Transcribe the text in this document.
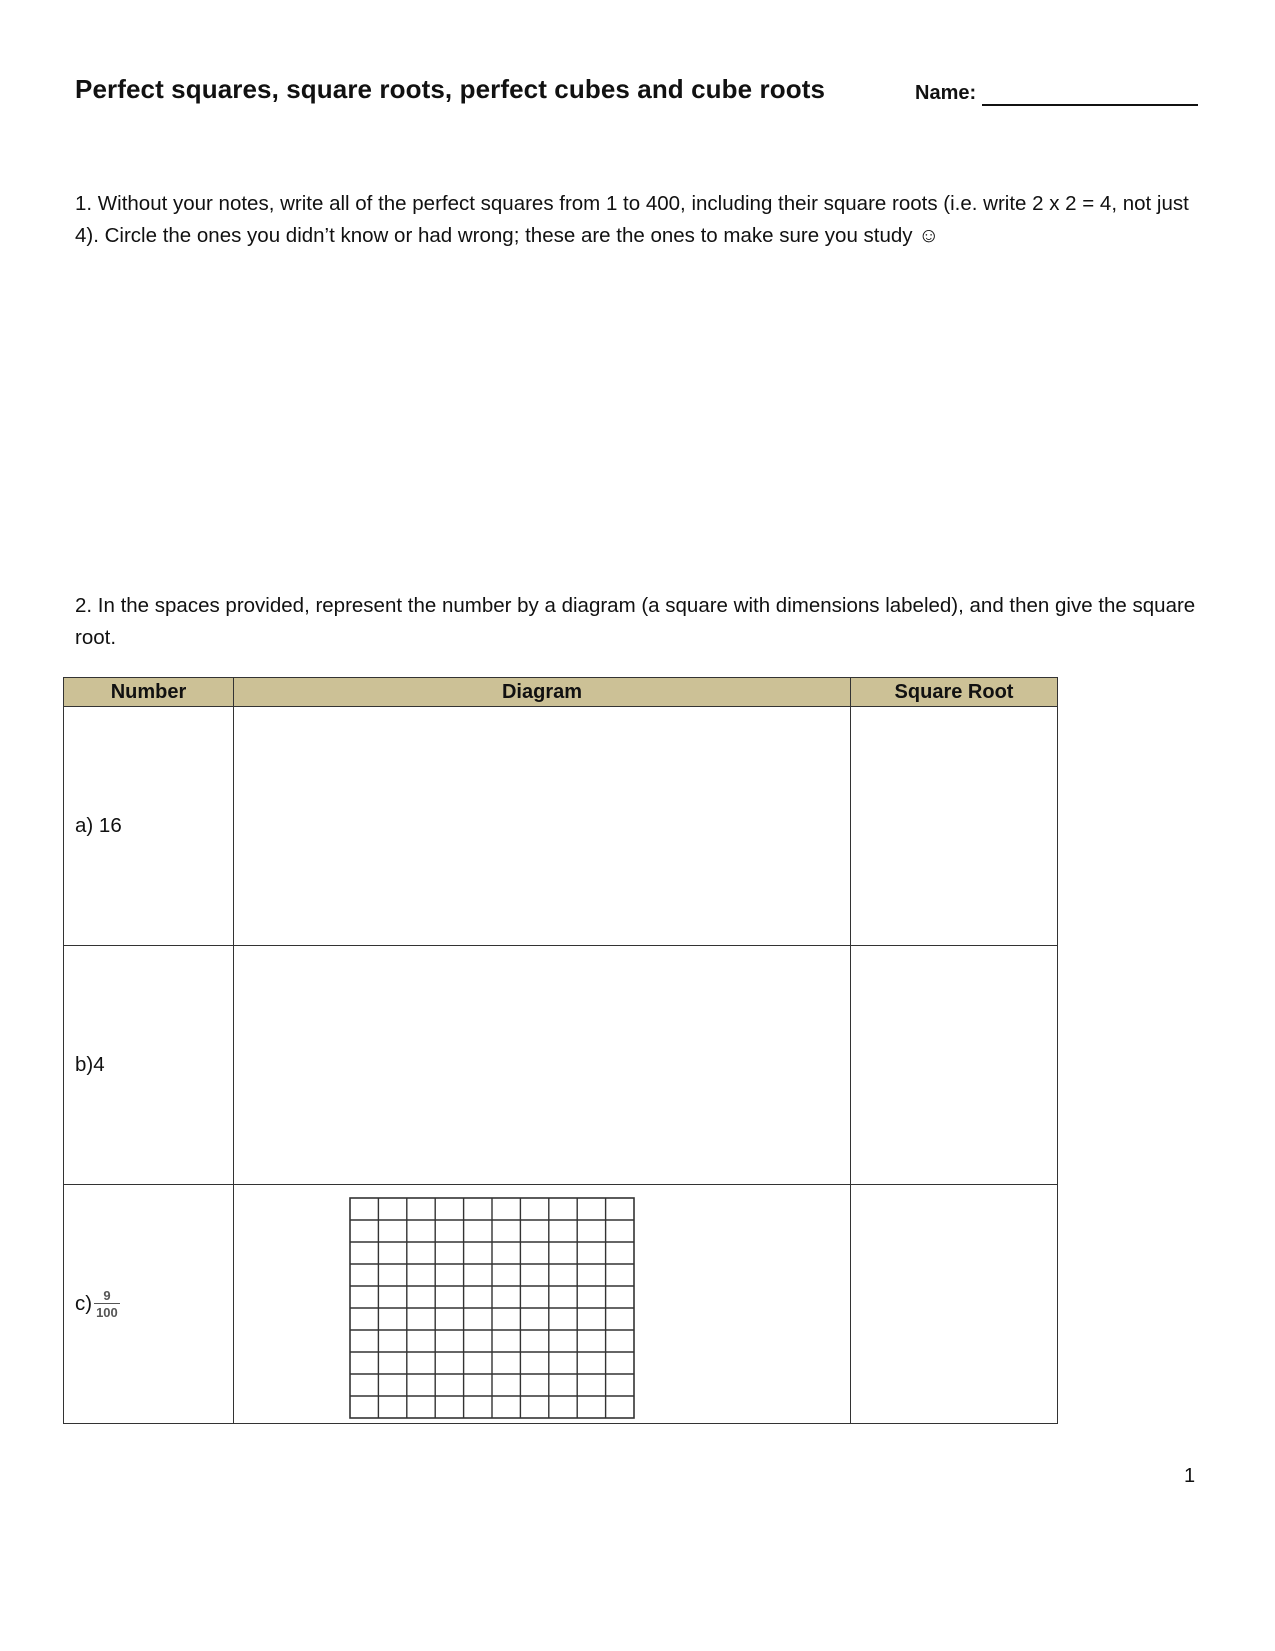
Perfect squares, square roots, perfect cubes and cube roots	Name:
1. Without your notes, write all of the perfect squares from 1 to 400, including their square roots (i.e. write 2 x 2 = 4, not just 4). Circle the ones you didn’t know or had wrong; these are the ones to make sure you study ☺
2. In the spaces provided, represent the number by a diagram (a square with dimensions labeled), and then give the square root.
Number	Diagram	Square Root
a) 16		
b)4		

$c) \frac{9}{100}$

1
